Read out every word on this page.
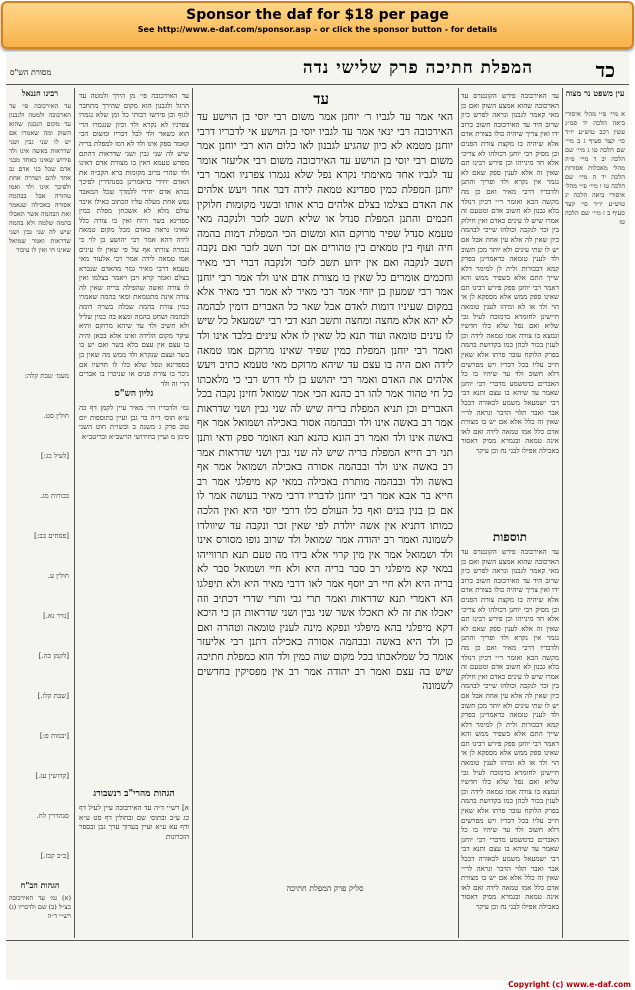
Sponsor the daf for $18 per page
See http://www.e-daf.com/sponsor.asp - or click the sponsor button - for details
כד
המפלת חתיכה פרק שלישי נדה
מסורת הש"ס
עין משפט נר מצוה
א מיי׳ פ״י מהל׳ איסורי ביאה הלכה יד סמ״ג עשין רכב טוש״ע יו״ד סי׳ קצד סעיף ג ב מיי׳ שם הלכה טו ג מיי׳ שם הלכה יב ד מיי׳ פ״ה מהל׳ מאכלות אסורות הלכה יד ה מיי׳ שם הלכה טו ו מיי׳ פ״י מהל׳ איסורי ביאה הלכה יג טוש״ע יו״ד סי׳ קצד סעיף ב ז מיי׳ שם הלכה טז
עד האירכובה פירש הקונטרס עד הארכובה שהוא אמצע השוק ואם כן מאי קאמר לגבנון ונראה לפרש כיון שרוב היד עד האירכובה חשוב כרוב ידו ואין צריך שיהיה כולו בצורת אדם אלא שיהיה בו מקצת צורת הפנים וכן מסיק רבי יוחנן דכולהו לא צריכי אלא חד מינייהו וכן פירש רבינו תם שאין זה אלא לענין ספק שאם לא נגמר אין נקרא ולד ופריך והתנן ולדבריו דרבי מאיר ואם כן מה מקשה הכא ואומר ר״י דכיון דנולד בלא גבנון לא חשוב אדם ומטעם זה אמרו שיש לו עינים כאדם ואין חילוק בין זכר לנקבה וכולהו שייכי לבהמה כיון שאין לה אלא עין אחת אבל אם יש לו שתי עינים ולא יותר מכן חשוב ולד לענין טומאה כדאמרינן בפרק קמא דבכורות ולית לן למימר דלא שייך התם אלא בשפיר ממש והא דאמר רבי יוחנן ספק פירש רבינו תם שאינו ספק ממש אלא מספקא לן אי הוי ולד או לא ומיהו לענין טומאה חיישינן לחומרא כדמוכח לעיל גבי שליא ואם נפל שלא כלו חדשיו ונמצא בו צורה אמו טמאה לידה וכן לענין בכור לכהן כמו בקדושת בהמה בפרק הלוקח עובר פרתו אלא שאין חייב עליו בכל דבריו ויש מפרשים דלא חשוב ולד עד שיהיו בו כל האברים כדמשמע מדברי רבי יוחנן שאמר עד שיהא בו עצם ותנא דבי רבי ישמעאל משמע לכאורה דבכל אבר ואבר תלוי הדבר ונראה לר״י שאין זה כלל אלא אם יש בו מצורת אדם כלל אמו טמאה לידה ואם לאו אינה טמאה ובגמרא מסיק דאסור באכילה אפילו לבני נח וכן עיקר
תוספות
עד האירכובה פירש הקונטרס עד הארכובה שהוא אמצע השוק ואם כן מאי קאמר לגבנון ונראה לפרש כיון שרוב היד עד האירכובה חשוב כרוב ידו ואין צריך שיהיה כולו בצורת אדם אלא שיהיה בו מקצת צורת הפנים וכן מסיק רבי יוחנן דכולהו לא צריכי אלא חד מינייהו וכן פירש רבינו תם שאין זה אלא לענין ספק שאם לא נגמר אין נקרא ולד ופריך והתנן ולדבריו דרבי מאיר ואם כן מה מקשה הכא ואומר ר״י דכיון דנולד בלא גבנון לא חשוב אדם ומטעם זה אמרו שיש לו עינים כאדם ואין חילוק בין זכר לנקבה וכולהו שייכי לבהמה כיון שאין לה אלא עין אחת אבל אם יש לו שתי עינים ולא יותר מכן חשוב ולד לענין טומאה כדאמרינן בפרק קמא דבכורות ולית לן למימר דלא שייך התם אלא בשפיר ממש והא דאמר רבי יוחנן ספק פירש רבינו תם שאינו ספק ממש אלא מספקא לן אי הוי ולד או לא ומיהו לענין טומאה חיישינן לחומרא כדמוכח לעיל גבי שליא ואם נפל שלא כלו חדשיו ונמצא בו צורה אמו טמאה לידה וכן לענין בכור לכהן כמו בקדושת בהמה בפרק הלוקח עובר פרתו אלא שאין חייב עליו בכל דבריו ויש מפרשים דלא חשוב ולד עד שיהיו בו כל האברים כדמשמע מדברי רבי יוחנן שאמר עד שיהא בו עצם ותנא דבי רבי ישמעאל משמע לכאורה דבכל אבר ואבר תלוי הדבר ונראה לר״י שאין זה כלל אלא אם יש בו מצורת אדם כלל אמו טמאה לידה ואם לאו אינה טמאה ובגמרא מסיק דאסור באכילה אפילו לבני נח וכן עיקר
עד
האי אמר עד לגביו ר׳ יוחנן אמר משום רבי יוסי בן הוישע עד האירכובה רבי ינאי אמר עד לגביו יוסי בן הוישע אי לדבריו דרבי יוחנן מטמא לא כיון שהגיע לגבנון לאו כלום הוא רבי יוחנן אמר משום רבי יוסי בן הוישע עד האירכובה משום רבי אליעזר אומר עד לגביו אחד מאימתי נקרא נפל שלא נגמרו צפרניו ואמר רבי יוחנן המפלת כמין ספדינא טמאה לידה דבר אחר ויעש אלהים את האדם בצלמו בצלם אלהים ברא אותו ובשני מקומות חלוקין חכמים והתנן המפלת סנדל או שליא תשב לזכר ולנקבה מאי טעמא סנדל שפיר מרוקם הוא ומשום הכי המפלת דמות בהמה חיה ועוף בין טמאים בין טהורים אם זכר תשב לזכר ואם נקבה תשב לנקבה ואם אין ידוע תשב לזכר ולנקבה דברי רבי מאיר וחכמים אומרים כל שאין בו מצורת אדם אינו ולד אמר רבי יוחנן אמר רבי שמעון בן יוחי אמר רבי מאיר לא אמר רבי מאיר אלא במקום שעיניו דומות לאדם אבל שאר כל האברים דומין לבהמה לא יהא אלא מחצה ומחצה ותשב תנא דבי רבי ישמעאל כל שיש לו עינים טומאה ועוד תנא כל שאין לו אלא עינים בלבד אינו ולד ואמר רבי יוחנן המפלת כמין שפיר שאינו מרוקם אמו טמאה לידה ואם היה בו עצם עד שיהא מרוקם מאי טעמא כתיב ויעש אלהים את האדם ואמר רבי יהושע בן לוי דרש רבי כי מלאכתו כל חי טהור אמר להו רב כהנא הכי אמר שמואל חזינן נקבה בכל האברים וכן תניא המפלת בריה שיש לה שני גבין ושני שדראות אמר רב באשה אינו ולד ובבהמה אסור באכילה ושמואל אמר אף באשה אינו ולד ואמר רב הונא כהנא תנא האומר ספק ודאי ותנן תני רב חייא המפלת בריה שיש לה שני גבין ושני שדראות אמר רב באשה אינו ולד ובבהמה אסורה באכילה ושמואל אמר אף באשה ולד ובבהמה מותרת באכילה במאי קא מיפלגי אמר רב חייא בר אבא אמר רבי יוחנן לדבריו דרבי מאיר בעושה אמר לו אם כן בנין בנים ואף כל העולם כלו דרבי יוסי היא ואין הלכה כמותו דתניא אין אשה יולדת לפי שאין זכר ונקבה עד שיוולדו לשמונה ואמר רב יהודה אמר שמואל ולד שרוב גופו מסורס אינו ולד ושמואל אמר אין מין קרוי אלא בידו מה טעם תנא תרווייהו במאי קא מיפלגי רב סבר בריה היא ולא חיי ושמואל סבר לא בריה היא ולא חיי רב יוסף אמר לאו דרבי מאיר היא ולא תיפלגו הא דאמרי תנא שדראות ואמר תרי גבי ותרי שדרי דכתיב וזה יאכלו את זה לא תאכלו אשר שני גבין ושני שדראות הן כי היכא דקא מיפלגי בהא מיפלגי ונפקא מינה לענין טומאה וטהרה ואם כן ולד היא באשה ובבהמה אסורה באכילה דתנן רבי אליעזר אומר כל שמלאכתו בכל מקום שוה כמין ולד הוא כמפלת חתיכה שיש בה עצם ואמר רב יהודה אמר רב אין מפסיקין בחדשים לשמונה
סליק פרק המפלת חתיכה
עד האירכובה פי׳ מן הירך ולמטה עד הרגל ולגבנון הוא מקום שהירך מתחבר לגוף וכן פירשו רבותי כל זמן שלא נגמרו צפרניו לא נקרא ולד וכיון שנגמרו הרי הוא כשאר ולד לכל דבריו ומשום הכי קאמר ספק אינו ולד לא דמו למפלת בריה שיש לה שני גבין ושני שדראות דהתם מפרש טעמא דאין בו מצורת אדם דאינו ולד שהרי ברוב מקומות ברא הקב״ה את האדם יחידי כדאמרינן בסנהדרין לפיכך נברא אדם יחידי ללמדך שכל המאבד נפש אחת מעלה עליו הכתוב כאילו איבד עולם מלא לא אשכחן מפלת כמין ספדינא בשר ורוח ואין בו צורה כלל שאינו נראה כאדם מכל מקום טמאה לידה דהא אמר רבי יהושע בן לוי כי נגמרה צורתו אף על פי שאין לו עינים אמו טמאה לידה אמר רבי אלעזר מאי טעמא דרבי מאיר גמר מהאדם שנברא בצלם ואמר קרא ויבן ויאמר בצלמו ואין לו צורה ואשה שהפילה בריה שאין לה צורה אינה מתטמאת ומאי בהמה שאמרו כמין צורת בהמה שכלה בשרה דומה לבהמה ושחט בהמה ומצא בה כמין שליל ולא חשיב ולד עד שיהא מרוקם והיא עיקר מקום הלידה ואינו אלא בכאן והיה בו עצם אין עצם בלא בשר ואם יש בו בשר ועצם שנקרא ולד ממש מה שאין כן בספדינא ונפל שלא כלו לו חדשיו אם ניכר בו צורת פנים או שניכרו בו אברים הרי זה ולד
גליון הש"ס
גמ׳ ולדבריו דר׳ מאיר עיין לקמן דף כה ע״א תוס׳ ד״ה בר גבן ועיין בתוספות יום טוב פרק ג משנה ב ובשו״ת חוט השני סימן מ ועיין בחידושי הרשב״א ובריטב״א
הגהות מהרי"ב רנשבורג
א] רש״י ד״ה עד האירכובה עיין לעיל דף כג ע״ב ובתוס׳ שם ובחולין דף סט ע״א ודף עא ע״א ועיין בערוך ערך גבן ובספר הזכרונות
רבינו חננאל
עד האירכובה פי׳ עד הארכובה ולמטה ולגבנון עד מקום הגבנון שהוא השוק ומה שאמרו אם יש לו שני גבין ושני שדראות באשה אינו ולד פירוש שאינו כאחד מבני אדם שכל בני אדם גב אחד להם ושדרה אחת ולפיכך אינו ולד ואמו טהורה אבל בבהמה אסורה באכילה שנאמר זאת הבהמה אשר תאכלו בהמה שלמה ולא בהמה שיש לה שני גבין ושני שדראות ואמר שמואל שאינו חי ואין לו עיבור
מעמ׳ שבת קלה:
חולין סט.
[לעיל כג:]
בכורות מג.
[פסחים כב:]
חולין ע.
[נזיר נא.]
[לקמן כה.]
[שבת קלו.]
[יבמות פ:]
[קדושין עג.]
סנהדרין לח.
[ב״ב קכז.]
הגהות הב"ח
(א) גמ׳ עד האירכובה כצ״ל (ב) שם ולדבריו (ג) רש״י ד״ה
Copyright (c) www.e-daf.com
